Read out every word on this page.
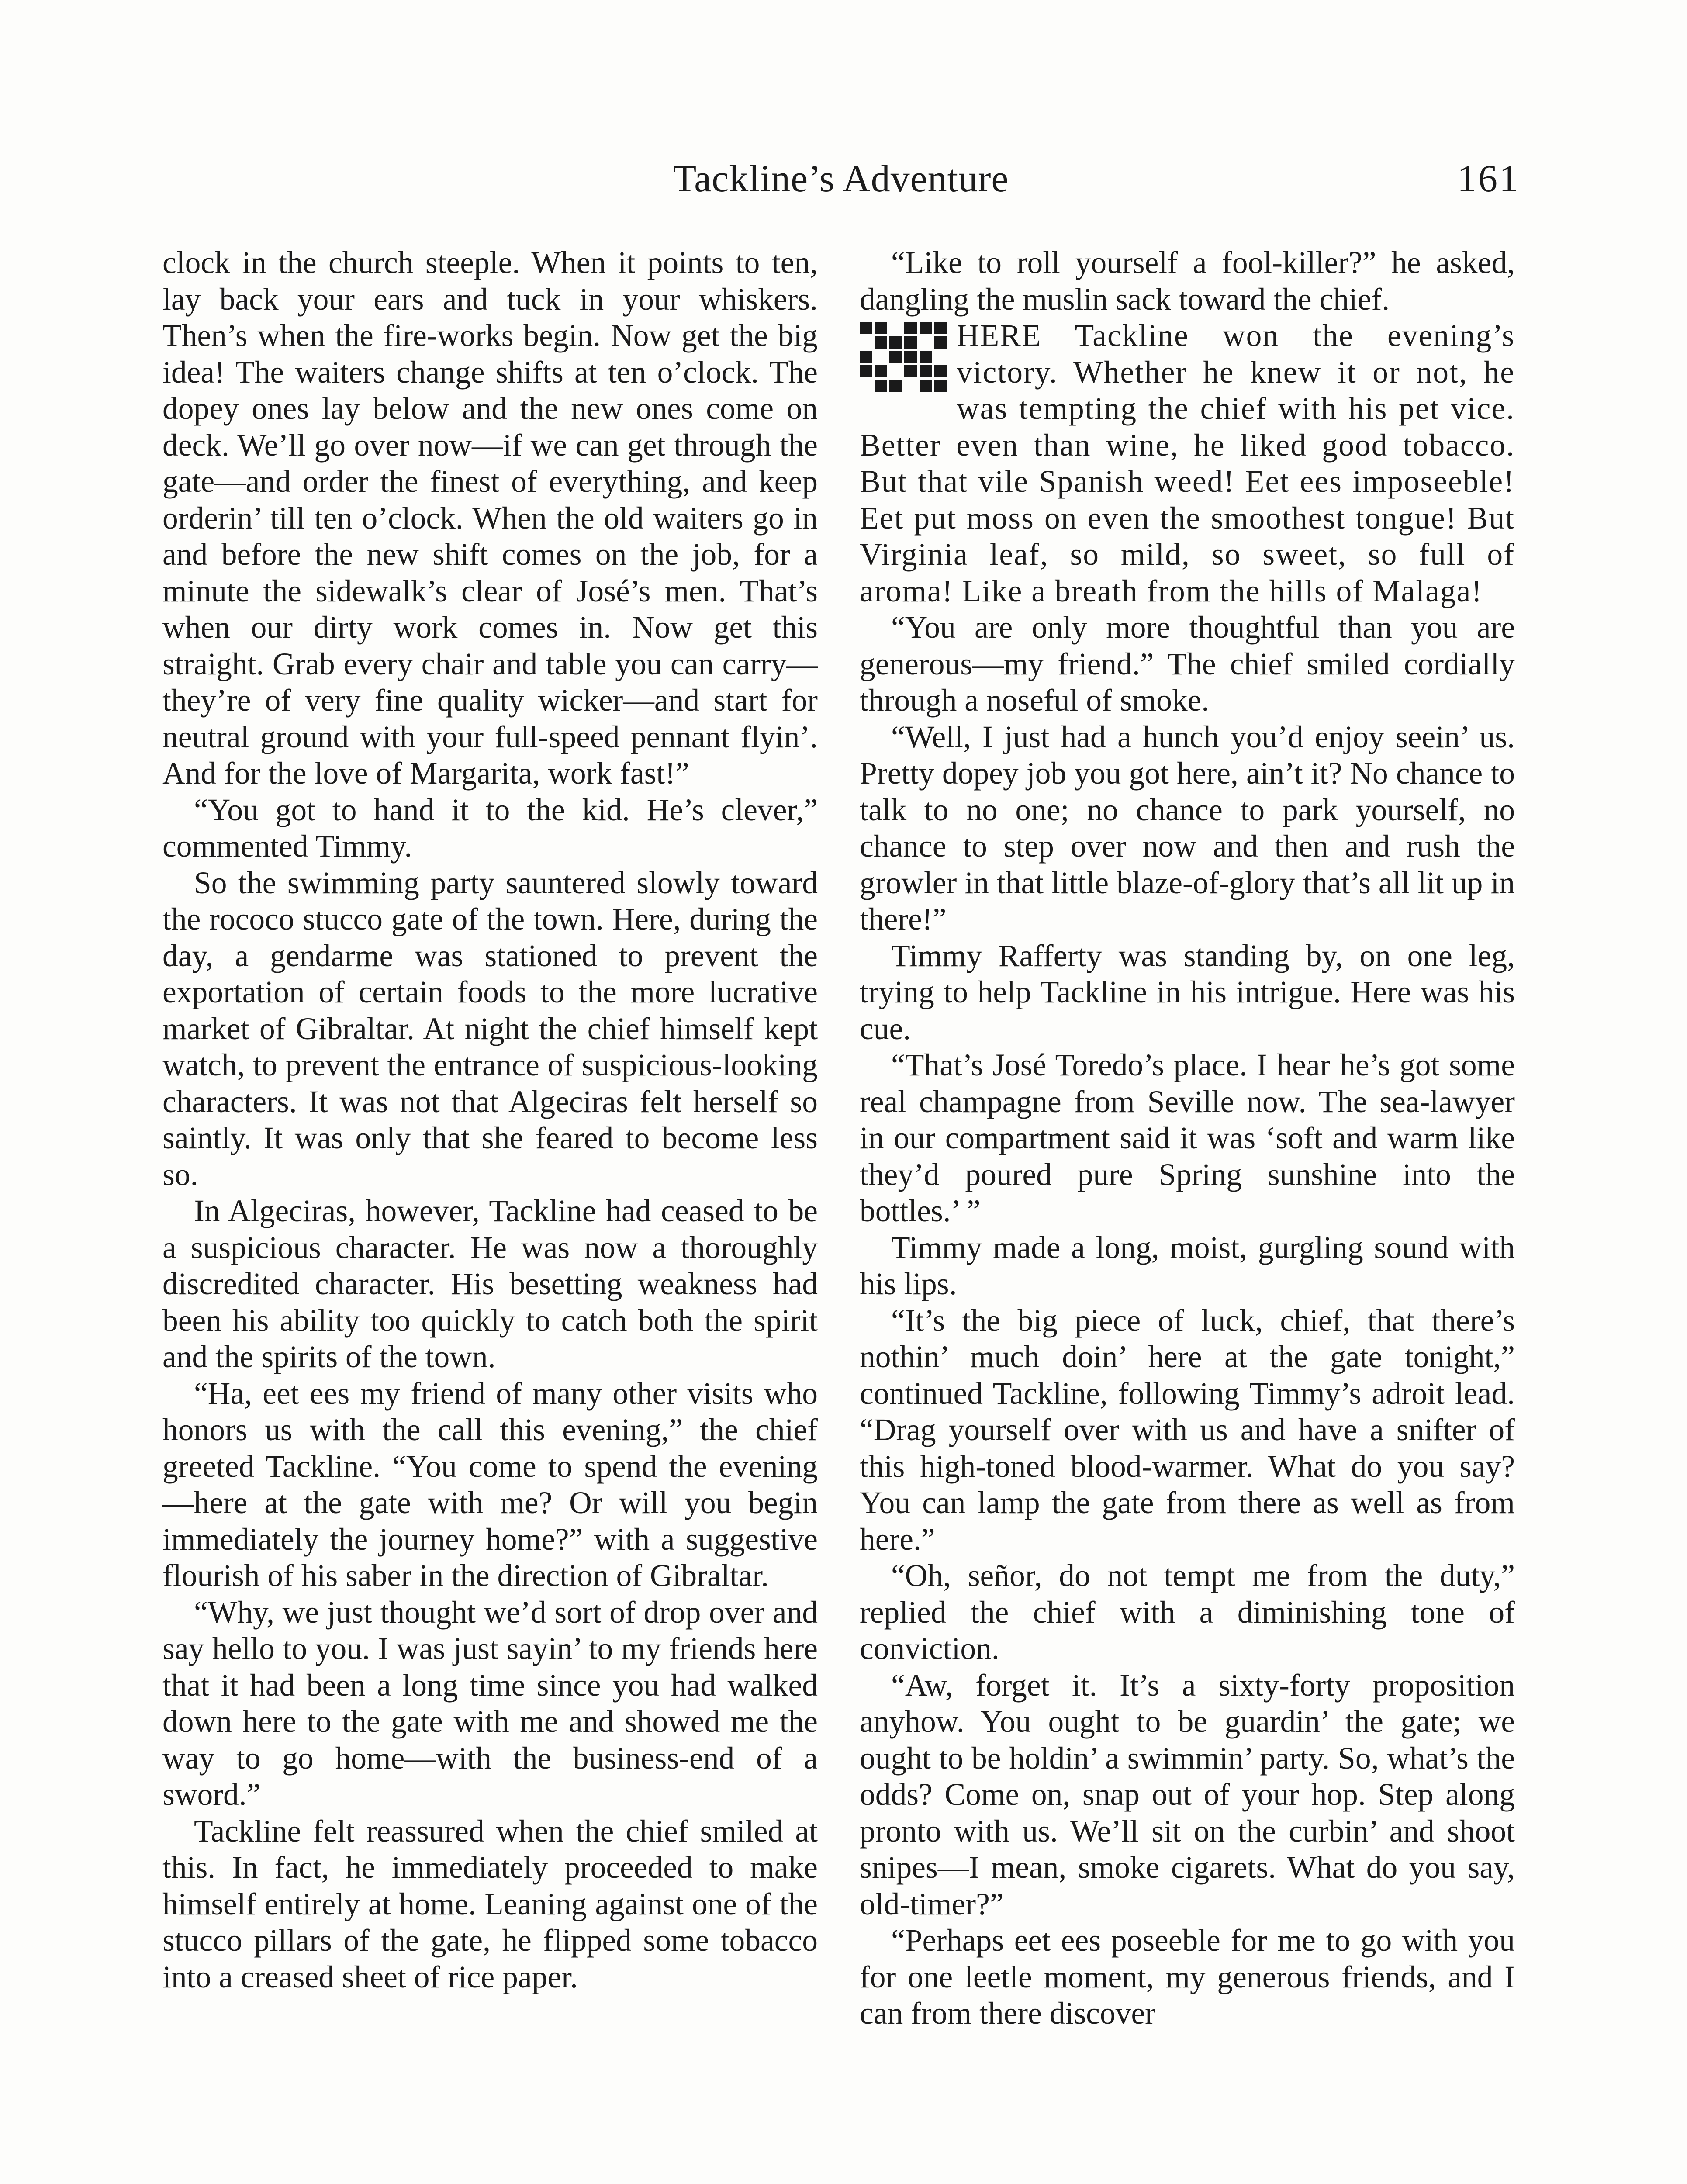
Tackline’s Adventure	161

clock in the church steeple. When it points to ten, lay back your ears and tuck in your whiskers. Then’s when the fire-works begin. Now get the big idea! The waiters change shifts at ten o’clock. The dopey ones lay below and the new ones come on deck. We’ll go over now—if we can get through the gate—and order the finest of everything, and keep orderin’ till ten o’clock. When the old waiters go in and before the new shift comes on the job, for a minute the sidewalk’s clear of José’s men. That’s when our dirty work comes in. Now get this straight. Grab every chair and table you can carry—they’re of very fine quality wicker—and start for neutral ground with your full-speed pennant flyin’. And for the love of Margarita, work fast!”

“You got to hand it to the kid. He’s clever,” commented Timmy.

So the swimming party sauntered slowly toward the rococo stucco gate of the town. Here, during the day, a gendarme was stationed to prevent the exportation of certain foods to the more lucrative market of Gibraltar. At night the chief himself kept watch, to prevent the entrance of suspicious-looking characters. It was not that Algeciras felt herself so saintly. It was only that she feared to become less so.

In Algeciras, however, Tackline had ceased to be a suspicious character. He was now a thoroughly discredited character. His besetting weakness had been his ability too quickly to catch both the spirit and the spirits of the town.

“Ha, eet ees my friend of many other visits who honors us with the call this evening,” the chief greeted Tackline. “You come to spend the evening—here at the gate with me? Or will you begin immediately the journey home?” with a suggestive flourish of his saber in the direction of Gibraltar.

“Why, we just thought we’d sort of drop over and say hello to you. I was just sayin’ to my friends here that it had been a long time since you had walked down here to the gate with me and showed me the way to go home—with the business-end of a sword.”

Tackline felt reassured when the chief smiled at this. In fact, he immediately proceeded to make himself entirely at home. Leaning against one of the stucco pillars of the gate, he flipped some tobacco into a creased sheet of rice paper.

“Like to roll yourself a fool-killer?” he asked, dangling the muslin sack toward the chief.

HERE Tackline won the evening’s victory. Whether he knew it or not, he was tempting the chief with his pet vice. Better even than wine, he liked good tobacco. But that vile Spanish weed! Eet ees imposeeble! Eet put moss on even the smoothest tongue! But Virginia leaf, so mild, so sweet, so full of aroma! Like a breath from the hills of Malaga!

“You are only more thoughtful than you are generous—my friend.” The chief smiled cordially through a noseful of smoke.

“Well, I just had a hunch you’d enjoy seein’ us. Pretty dopey job you got here, ain’t it? No chance to talk to no one; no chance to park yourself, no chance to step over now and then and rush the growler in that little blaze-of-glory that’s all lit up in there!”

Timmy Rafferty was standing by, on one leg, trying to help Tackline in his intrigue. Here was his cue.

“That’s José Toredo’s place. I hear he’s got some real champagne from Seville now. The sea-lawyer in our compartment said it was ‘soft and warm like they’d poured pure Spring sunshine into the bottles.’ ”

Timmy made a long, moist, gurgling sound with his lips.

“It’s the big piece of luck, chief, that there’s nothin’ much doin’ here at the gate tonight,” continued Tackline, following Timmy’s adroit lead. “Drag yourself over with us and have a snifter of this high-toned blood-warmer. What do you say? You can lamp the gate from there as well as from here.”

“Oh, señor, do not tempt me from the duty,” replied the chief with a diminishing tone of conviction.

“Aw, forget it. It’s a sixty-forty proposition anyhow. You ought to be guardin’ the gate; we ought to be holdin’ a swimmin’ party. So, what’s the odds? Come on, snap out of your hop. Step along pronto with us. We’ll sit on the curbin’ and shoot snipes—I mean, smoke cigarets. What do you say, old-timer?”

“Perhaps eet ees poseeble for me to go with you for one leetle moment, my generous friends, and I can from there discover
